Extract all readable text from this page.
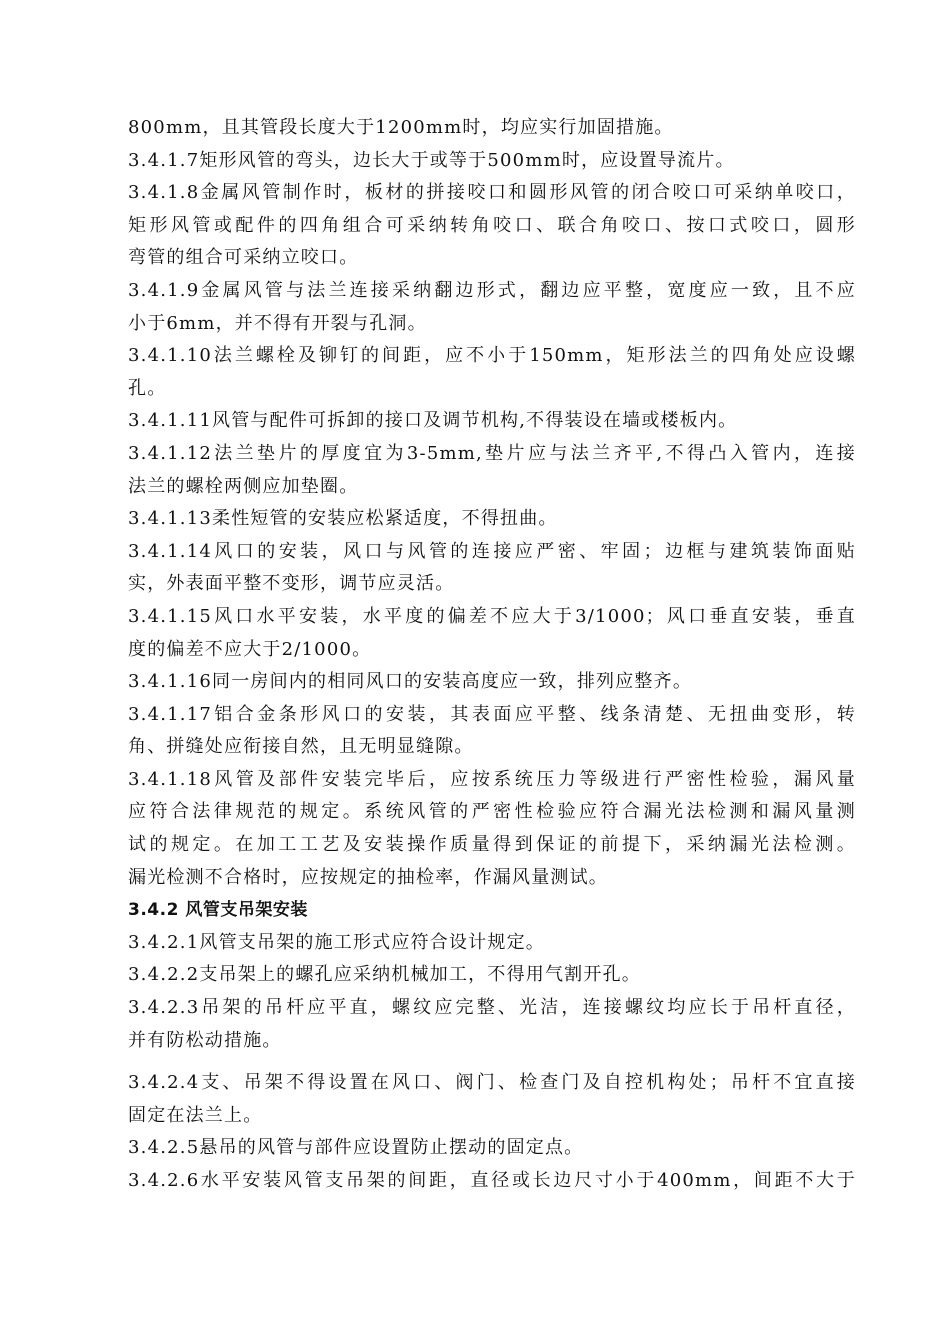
800mm，且其管段长度大于1200mm时，均应实行加固措施。
3.4.1.7矩形风管的弯头，边长大于或等于500mm时，应设置导流片。
3.4.1.8金属风管制作时，板材的拼接咬口和圆形风管的闭合咬口可采纳单咬口，
矩形风管或配件的四角组合可采纳转角咬口、联合角咬口、按口式咬口，圆形
弯管的组合可采纳立咬口。
3.4.1.9金属风管与法兰连接采纳翻边形式，翻边应平整，宽度应一致，且不应
小于6mm，并不得有开裂与孔洞。
3.4.1.10法兰螺栓及铆钉的间距，应不小于150mm，矩形法兰的四角处应设螺
孔。
3.4.1.11风管与配件可拆卸的接口及调节机构,不得装设在墙或楼板内。
3.4.1.12法兰垫片的厚度宜为3-5mm,垫片应与法兰齐平,不得凸入管内，连接
法兰的螺栓两侧应加垫圈。
3.4.1.13柔性短管的安装应松紧适度，不得扭曲。
3.4.1.14风口的安装，风口与风管的连接应严密、牢固；边框与建筑装饰面贴
实，外表面平整不变形，调节应灵活。
3.4.1.15风口水平安装，水平度的偏差不应大于3/1000；风口垂直安装，垂直
度的偏差不应大于2/1000。
3.4.1.16同一房间内的相同风口的安装高度应一致，排列应整齐。
3.4.1.17铝合金条形风口的安装，其表面应平整、线条清楚、无扭曲变形，转
角、拼缝处应衔接自然，且无明显缝隙。
3.4.1.18风管及部件安装完毕后，应按系统压力等级进行严密性检验，漏风量
应符合法律规范的规定。系统风管的严密性检验应符合漏光法检测和漏风量测
试的规定。在加工工艺及安装操作质量得到保证的前提下，采纳漏光法检测。
漏光检测不合格时，应按规定的抽检率，作漏风量测试。
3.4.2 风管支吊架安装
3.4.2.1风管支吊架的施工形式应符合设计规定。
3.4.2.2支吊架上的螺孔应采纳机械加工，不得用气割开孔。
3.4.2.3吊架的吊杆应平直，螺纹应完整、光洁，连接螺纹均应长于吊杆直径，
并有防松动措施。
3.4.2.4支、吊架不得设置在风口、阀门、检查门及自控机构处；吊杆不宜直接
固定在法兰上。
3.4.2.5悬吊的风管与部件应设置防止摆动的固定点。
3.4.2.6水平安装风管支吊架的间距，直径或长边尺寸小于400mm，间距不大于
